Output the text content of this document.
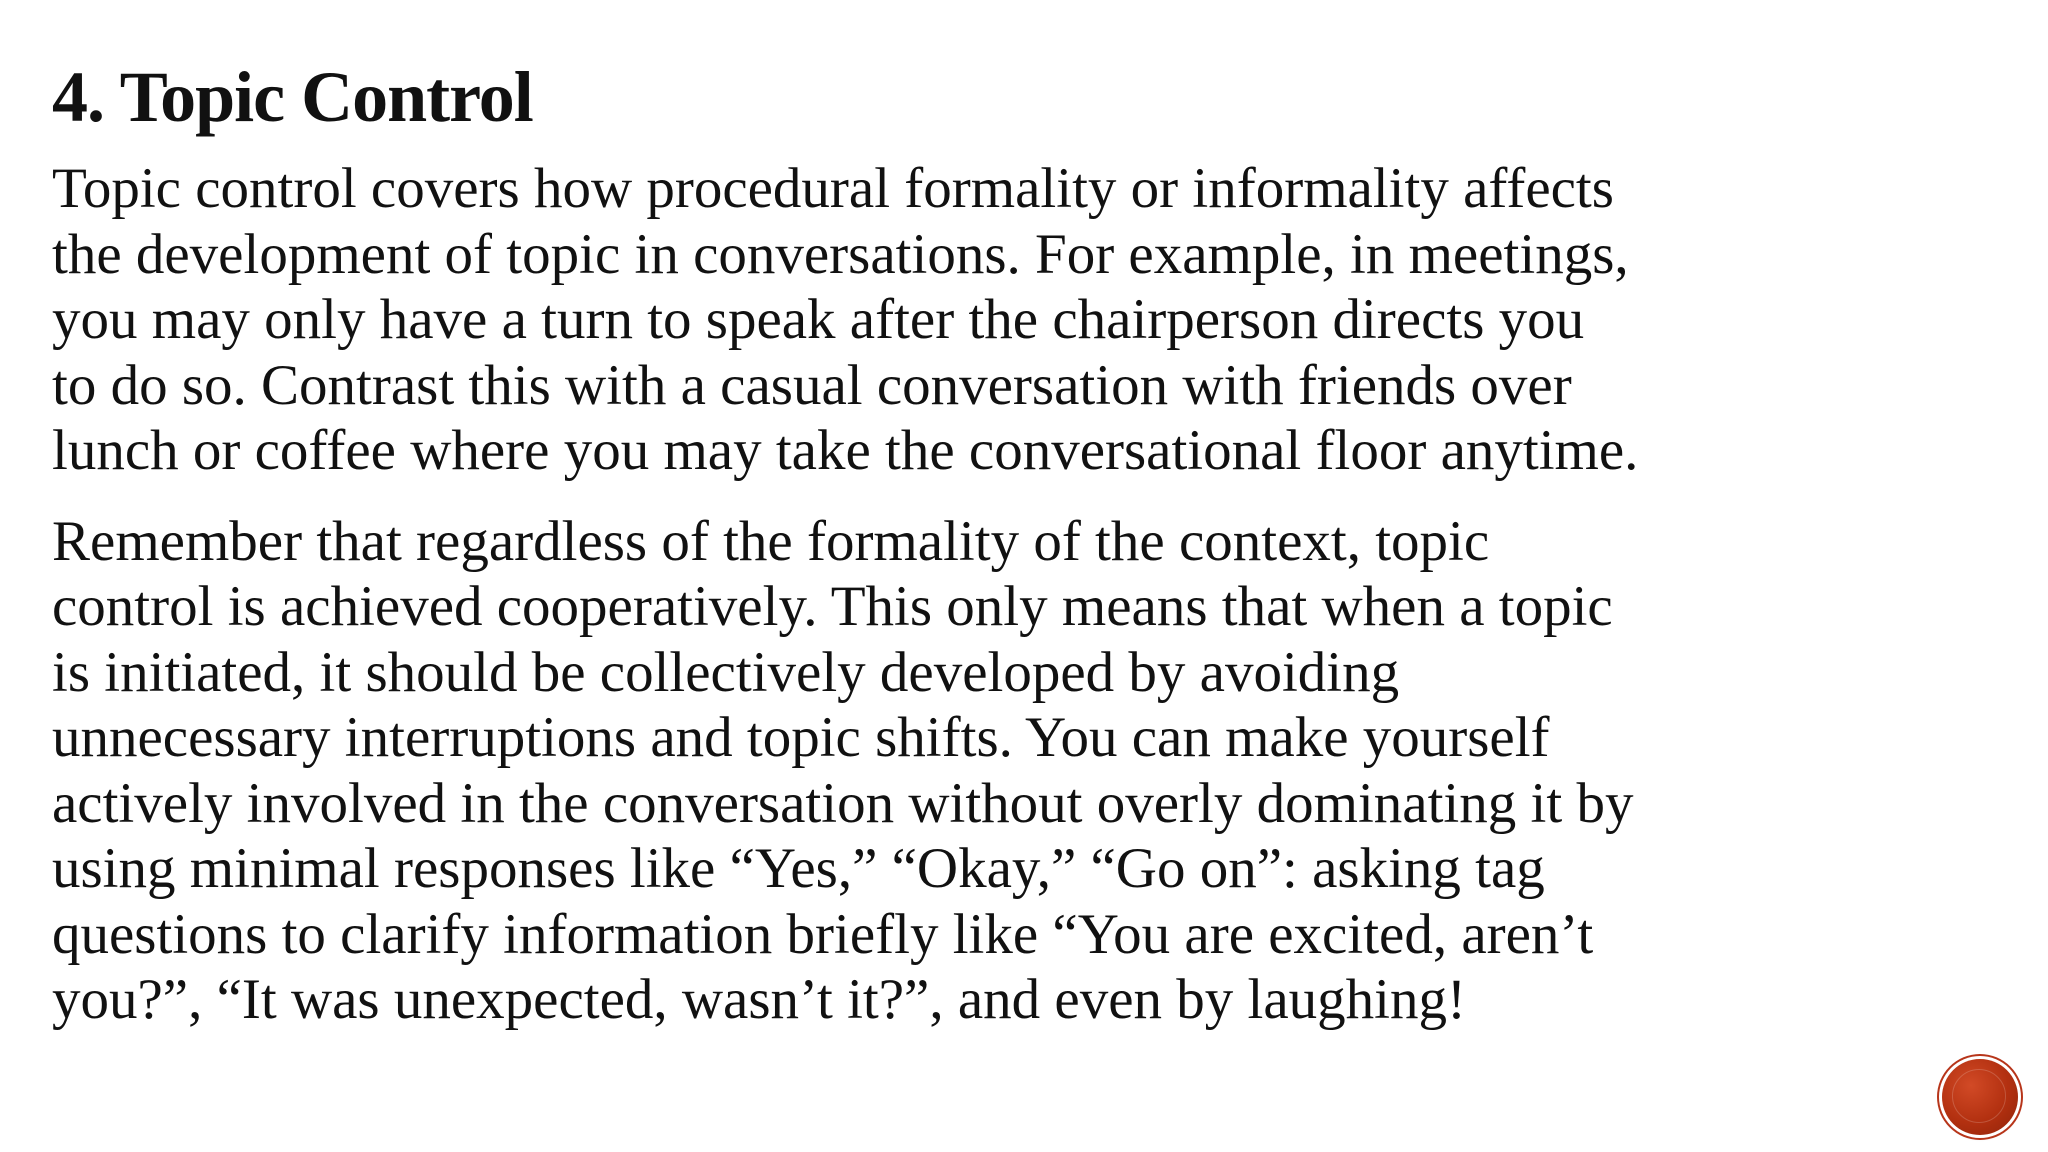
4. Topic Control

Topic control covers how procedural formality or informality affects
the development of topic in conversations. For example, in meetings,
you may only have a turn to speak after the chairperson directs you
to do so. Contrast this with a casual conversation with friends over
lunch or coffee where you may take the conversational floor anytime.

Remember that regardless of the formality of the context, topic
control is achieved cooperatively. This only means that when a topic
is initiated, it should be collectively developed by avoiding
unnecessary interruptions and topic shifts. You can make yourself
actively involved in the conversation without overly dominating it by
using minimal responses like “Yes,” “Okay,” “Go on”: asking tag
questions to clarify information briefly like “You are excited, aren’t
you?”, “It was unexpected, wasn’t it?”, and even by laughing!
